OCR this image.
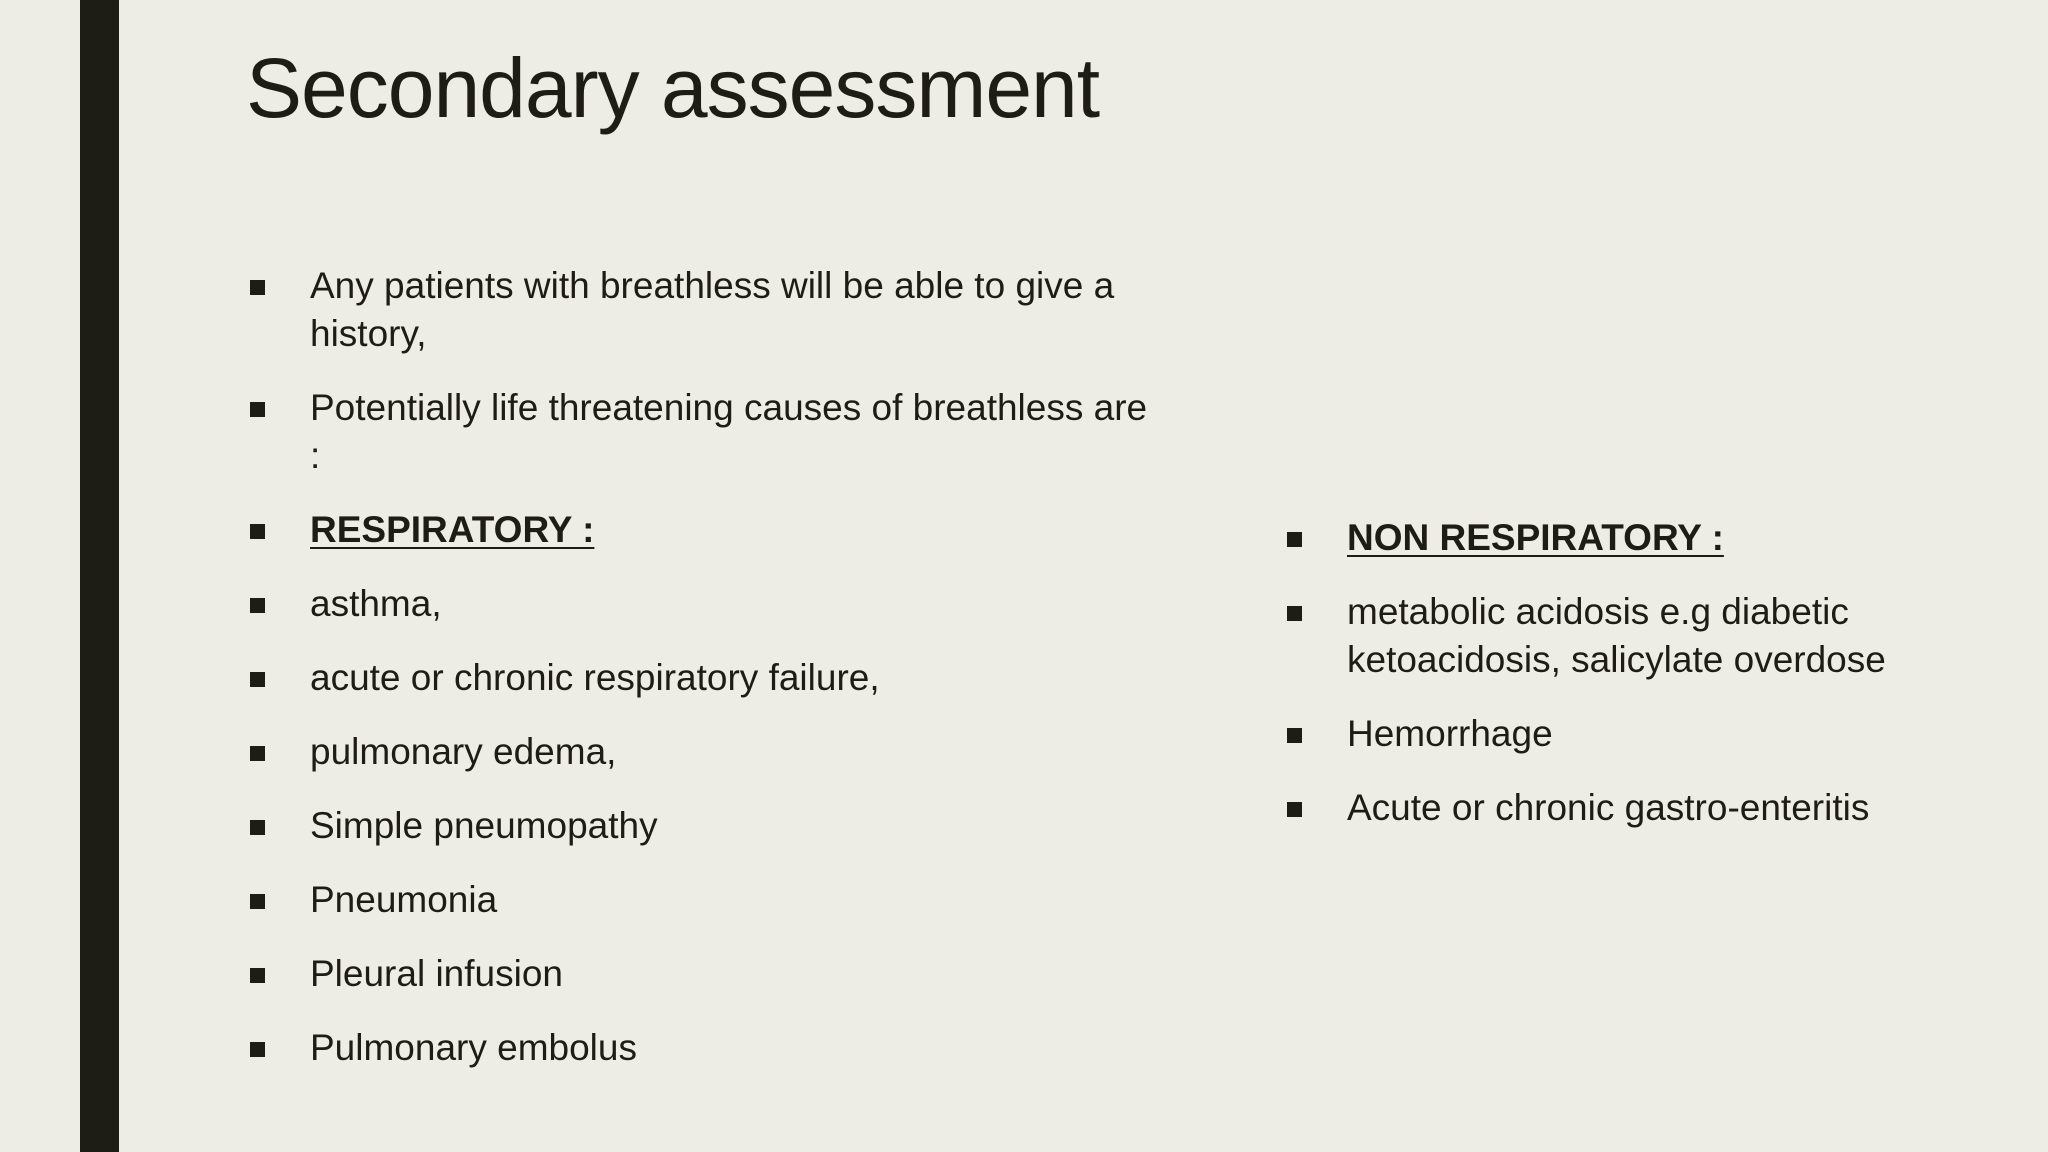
Secondary assessment
Any patients with breathless will be able to give a history,
Potentially life threatening causes of breathless are :
RESPIRATORY :
asthma,
acute or chronic respiratory failure,
pulmonary edema,
Simple pneumopathy
Pneumonia
Pleural infusion
Pulmonary embolus
NON RESPIRATORY :
metabolic acidosis e.g diabetic ketoacidosis, salicylate overdose
Hemorrhage
Acute or chronic gastro-enteritis
